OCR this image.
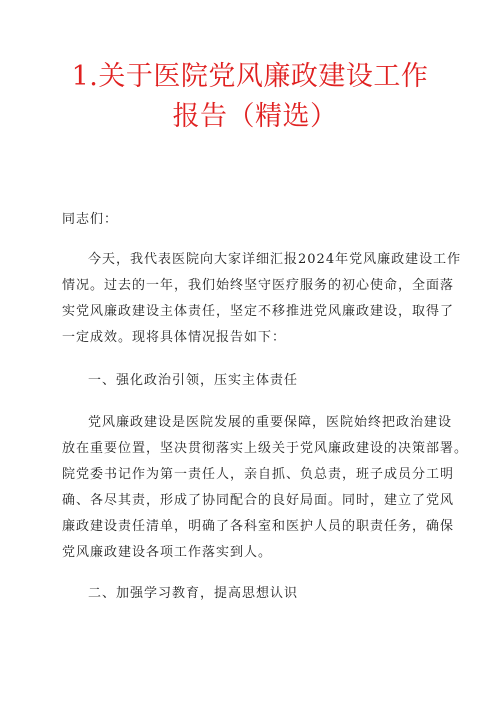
1.关于医院党风廉政建设工作
报告（精选）

同志们：

今天，我代表医院向大家详细汇报2024年党风廉政建设工作

情况。过去的一年，我们始终坚守医疗服务的初心使命，全面落

实党风廉政建设主体责任，坚定不移推进党风廉政建设，取得了

一定成效。现将具体情况报告如下：

一、强化政治引领，压实主体责任

党风廉政建设是医院发展的重要保障，医院始终把政治建设

放在重要位置，坚决贯彻落实上级关于党风廉政建设的决策部署。

院党委书记作为第一责任人，亲自抓、负总责，班子成员分工明

确、各尽其责，形成了协同配合的良好局面。同时，建立了党风

廉政建设责任清单，明确了各科室和医护人员的职责任务，确保

党风廉政建设各项工作落实到人。

二、加强学习教育，提高思想认识
